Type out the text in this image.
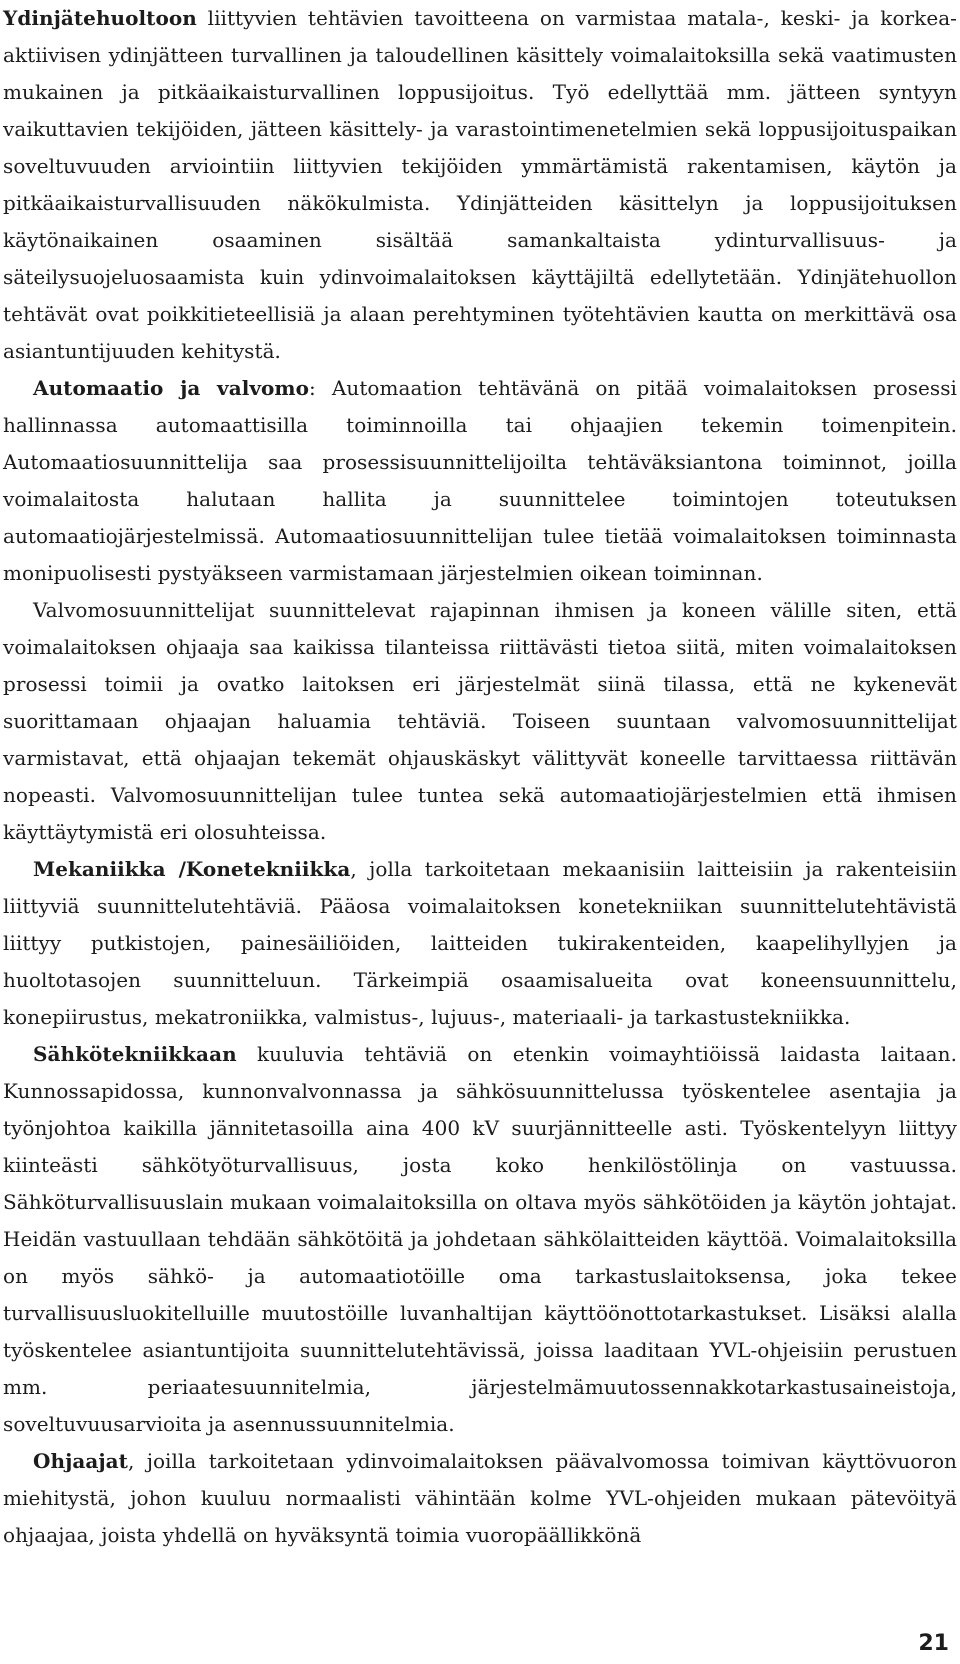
Ydinjätehuoltoon liittyvien tehtävien tavoitteena on varmistaa matala-, keski- ja korkea-aktiivisen ydinjätteen turvallinen ja taloudellinen käsittely voimalaitoksilla sekä vaatimusten mukainen ja pitkäaikaisturvallinen loppusijoitus. Työ edellyttää mm. jätteen syntyyn vaikuttavien tekijöiden, jätteen käsittely- ja varastointimenetelmien sekä loppusijoituspaikan soveltuvuuden arviointiin liittyvien tekijöiden ymmärtämistä rakentamisen, käytön ja pitkäaikaisturvallisuuden näkökulmista. Ydinjätteiden käsittelyn ja loppusijoituksen käytönaikainen osaaminen sisältää samankaltaista ydinturvallisuus- ja säteilysuojeluosaamista kuin ydinvoimalaitoksen käyttäjiltä edellytetään. Ydinjätehuollon tehtävät ovat poikkitieteellisiä ja alaan perehtyminen työtehtävien kautta on merkittävä osa asiantuntijuuden kehitystä.

Automaatio ja valvomo: Automaation tehtävänä on pitää voimalaitoksen prosessi hallinnassa automaattisilla toiminnoilla tai ohjaajien tekemin toimenpitein. Automaatiosuunnittelija saa prosessisuunnittelijoilta tehtäväksiantona toiminnot, joilla voimalaitosta halutaan hallita ja suunnittelee toimintojen toteutuksen automaatiojärjestelmissä. Automaatiosuunnittelijan tulee tietää voimalaitoksen toiminnasta monipuolisesti pystyäkseen varmistamaan järjestelmien oikean toiminnan.

Valvomosuunnittelijat suunnittelevat rajapinnan ihmisen ja koneen välille siten, että voimalaitoksen ohjaaja saa kaikissa tilanteissa riittävästi tietoa siitä, miten voimalaitoksen prosessi toimii ja ovatko laitoksen eri järjestelmät siinä tilassa, että ne kykenevät suorittamaan ohjaajan haluamia tehtäviä. Toiseen suuntaan valvomosuunnittelijat varmistavat, että ohjaajan tekemät ohjauskäskyt välittyvät koneelle tarvittaessa riittävän nopeasti. Valvomosuunnittelijan tulee tuntea sekä automaatiojärjestelmien että ihmisen käyttäytymistä eri olosuhteissa.

Mekaniikka /Konetekniikka, jolla tarkoitetaan mekaanisiin laitteisiin ja rakenteisiin liittyviä suunnittelutehtäviä. Pääosa voimalaitoksen konetekniikan suunnittelutehtävistä liittyy putkistojen, painesäiliöiden, laitteiden tukirakenteiden, kaapelihyllyjen ja huoltotasojen suunnitteluun. Tärkeimpiä osaamisalueita ovat koneensuunnittelu, konepiirustus, mekatroniikka, valmistus-, lujuus-, materiaali- ja tarkastustekniikka.

Sähkötekniikkaan kuuluvia tehtäviä on etenkin voimayhtiöissä laidasta laitaan. Kunnossapidossa, kunnonvalvonnassa ja sähkösuunnittelussa työskentelee asentajia ja työnjohtoa kaikilla jännitetasoilla aina 400 kV suurjännitteelle asti. Työskentelyyn liittyy kiinteästi sähkötyöturvallisuus, josta koko henkilöstölinja on vastuussa. Sähköturvallisuuslain mukaan voimalaitoksilla on oltava myös sähkötöiden ja käytön johtajat. Heidän vastuullaan tehdään sähkötöitä ja johdetaan sähkölaitteiden käyttöä. Voimalaitoksilla on myös sähkö- ja automaatiotöille oma tarkastuslaitoksensa, joka tekee turvallisuusluokitelluille muutostöille luvanhaltijan käyttöönottotarkastukset. Lisäksi alalla työskentelee asiantuntijoita suunnittelutehtävissä, joissa laaditaan YVL-ohjeisiin perustuen mm. periaatesuunnitelmia, järjestelmämuutossennakkotarkastusaineistoja, soveltuvuusarvioita ja asennussuunnitelmia.

Ohjaajat, joilla tarkoitetaan ydinvoimalaitoksen päävalvomossa toimivan käyttövuoron miehitystä, johon kuuluu normaalisti vähintään kolme YVL-ohjeiden mukaan pätevöityä ohjaajaa, joista yhdellä on hyväksyntä toimia vuoropäällikkönä

21
